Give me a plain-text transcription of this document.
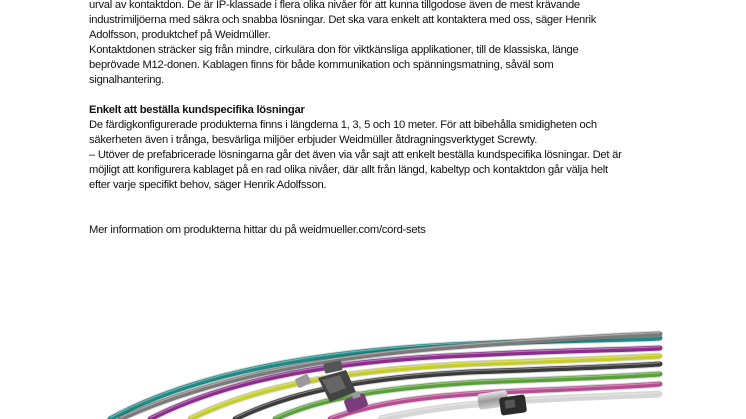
urval av kontaktdon. De är IP-klassade i flera olika nivåer för att kunna tillgodose även de mest krävande

industrimiljöerna med säkra och snabba lösningar. Det ska vara enkelt att kontaktera med oss, säger Henrik

Adolfsson, produktchef på Weidmüller.

Kontaktdonen sträcker sig från mindre, cirkulära don för viktkänsliga applikationer, till de klassiska, länge

beprövade M12-donen. Kablagen finns för både kommunikation och spänningsmatning, såväl som

signalhantering.

Enkelt att beställa kundspecifika lösningar

De färdigkonfigurerade produkterna finns i längderna 1, 3, 5 och 10 meter. För att bibehålla smidigheten och

säkerheten även i trånga, besvärliga miljöer erbjuder Weidmüller åtdragningsverktyget Screwty.

– Utöver de prefabricerade lösningarna går det även via vår sajt att enkelt beställa kundspecifika lösningar. Det är

möjligt att konfigurera kablaget på en rad olika nivåer, där allt från längd, kabeltyp och kontaktdon går välja helt

efter varje specifikt behov, säger Henrik Adolfsson.

Mer information om produkterna hittar du på weidmueller.com/cord-sets
